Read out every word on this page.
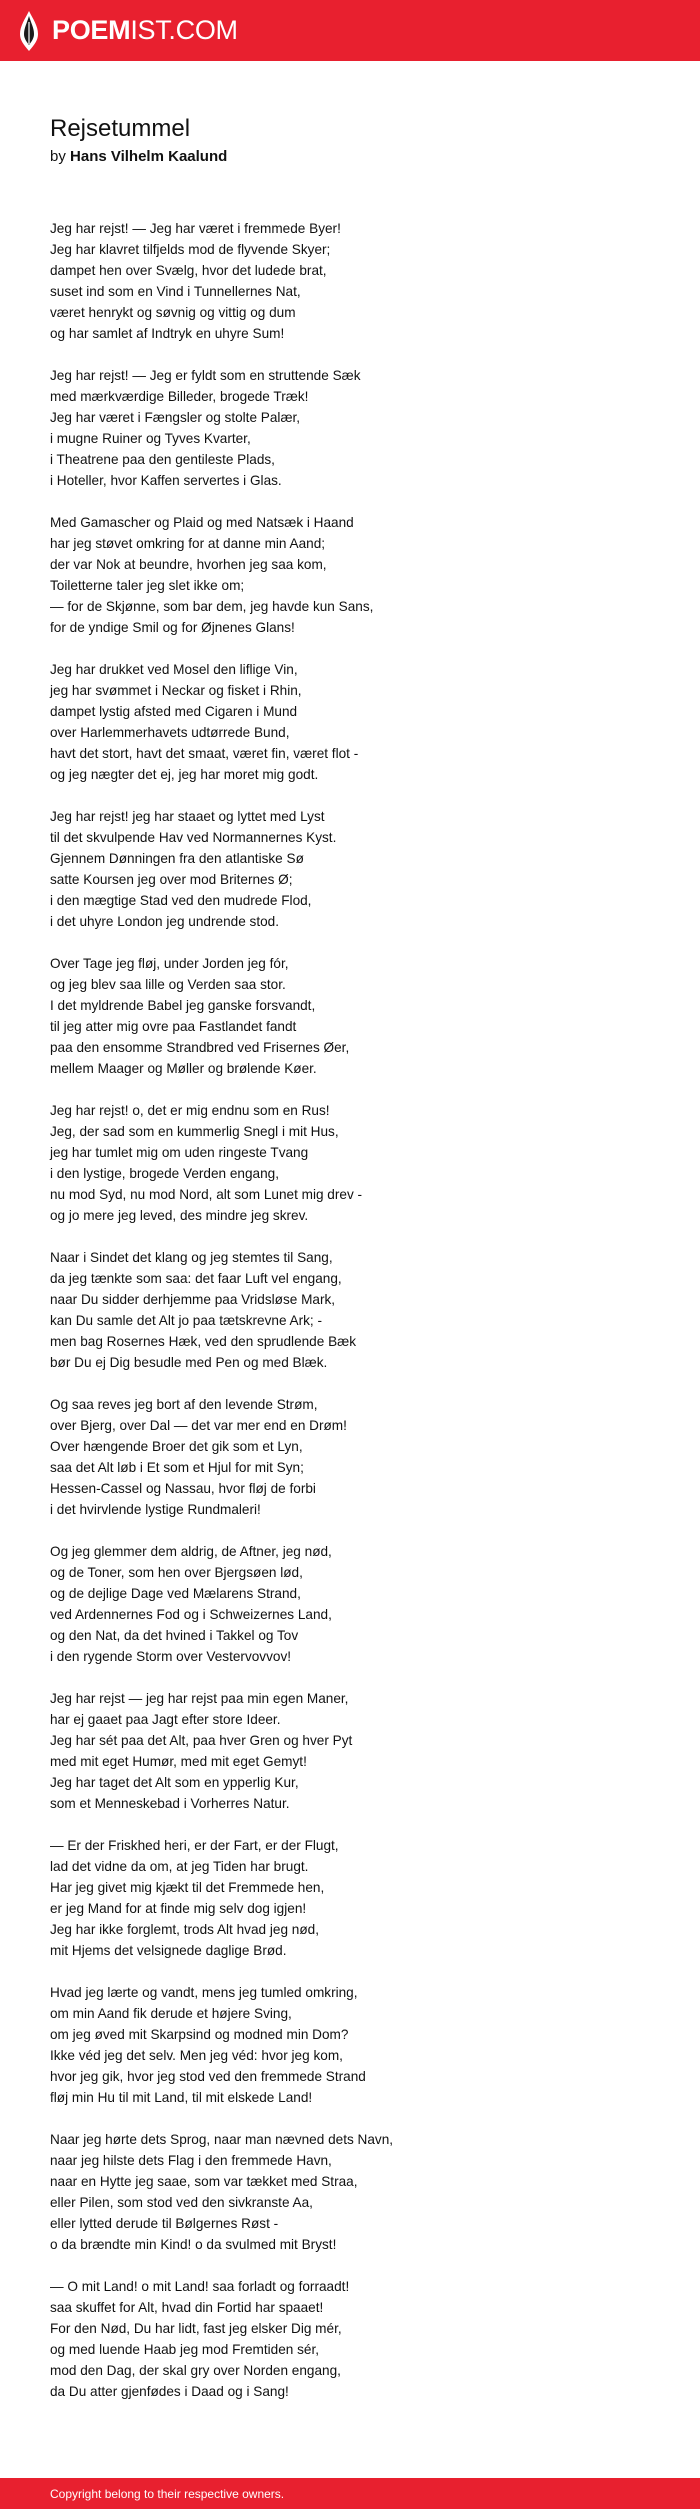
POEMIST.COM
Rejsetummel
by Hans Vilhelm Kaalund
Jeg har rejst! — Jeg har været i fremmede Byer!
Jeg har klavret tilfjelds mod de flyvende Skyer;
dampet hen over Svælg, hvor det ludede brat,
suset ind som en Vind i Tunnellernes Nat,
været henrykt og søvnig og vittig og dum
og har samlet af Indtryk en uhyre Sum!
Jeg har rejst! — Jeg er fyldt som en struttende Sæk
med mærkværdige Billeder, brogede Træk!
Jeg har været i Fængsler og stolte Palær,
i mugne Ruiner og Tyves Kvarter,
i Theatrene paa den gentileste Plads,
i Hoteller, hvor Kaffen servertes i Glas.
Med Gamascher og Plaid og med Natsæk i Haand
har jeg støvet omkring for at danne min Aand;
der var Nok at beundre, hvorhen jeg saa kom,
Toiletterne taler jeg slet ikke om;
— for de Skjønne, som bar dem, jeg havde kun Sans,
for de yndige Smil og for Øjnenes Glans!
Jeg har drukket ved Mosel den liflige Vin,
jeg har svømmet i Neckar og fisket i Rhin,
dampet lystig afsted med Cigaren i Mund
over Harlemmerhavets udtørrede Bund,
havt det stort, havt det smaat, været fin, været flot -
og jeg nægter det ej, jeg har moret mig godt.
Jeg har rejst! jeg har staaet og lyttet med Lyst
til det skvulpende Hav ved Normannernes Kyst.
Gjennem Dønningen fra den atlantiske Sø
satte Koursen jeg over mod Briternes Ø;
i den mægtige Stad ved den mudrede Flod,
i det uhyre London jeg undrende stod.
Over Tage jeg fløj, under Jorden jeg fór,
og jeg blev saa lille og Verden saa stor.
I det myldrende Babel jeg ganske forsvandt,
til jeg atter mig ovre paa Fastlandet fandt
paa den ensomme Strandbred ved Frisernes Øer,
mellem Maager og Møller og brølende Køer.
Jeg har rejst! o, det er mig endnu som en Rus!
Jeg, der sad som en kummerlig Snegl i mit Hus,
jeg har tumlet mig om uden ringeste Tvang
i den lystige, brogede Verden engang,
nu mod Syd, nu mod Nord, alt som Lunet mig drev -
og jo mere jeg leved, des mindre jeg skrev.
Naar i Sindet det klang og jeg stemtes til Sang,
da jeg tænkte som saa: det faar Luft vel engang,
naar Du sidder derhjemme paa Vridsløse Mark,
kan Du samle det Alt jo paa tætskrevne Ark; -
men bag Rosernes Hæk, ved den sprudlende Bæk
bør Du ej Dig besudle med Pen og med Blæk.
Og saa reves jeg bort af den levende Strøm,
over Bjerg, over Dal — det var mer end en Drøm!
Over hængende Broer det gik som et Lyn,
saa det Alt løb i Et som et Hjul for mit Syn;
Hessen-Cassel og Nassau, hvor fløj de forbi
i det hvirvlende lystige Rundmaleri!
Og jeg glemmer dem aldrig, de Aftner, jeg nød,
og de Toner, som hen over Bjergsøen lød,
og de dejlige Dage ved Mælarens Strand,
ved Ardennernes Fod og i Schweizernes Land,
og den Nat, da det hvined i Takkel og Tov
i den rygende Storm over Vestervovvov!
Jeg har rejst — jeg har rejst paa min egen Maner,
har ej gaaet paa Jagt efter store Ideer.
Jeg har sét paa det Alt, paa hver Gren og hver Pyt
med mit eget Humør, med mit eget Gemyt!
Jeg har taget det Alt som en ypperlig Kur,
som et Menneskebad i Vorherres Natur.
— Er der Friskhed heri, er der Fart, er der Flugt,
lad det vidne da om, at jeg Tiden har brugt.
Har jeg givet mig kjækt til det Fremmede hen,
er jeg Mand for at finde mig selv dog igjen!
Jeg har ikke forglemt, trods Alt hvad jeg nød,
mit Hjems det velsignede daglige Brød.
Hvad jeg lærte og vandt, mens jeg tumled omkring,
om min Aand fik derude et højere Sving,
om jeg øved mit Skarpsind og modned min Dom?
Ikke véd jeg det selv. Men jeg véd: hvor jeg kom,
hvor jeg gik, hvor jeg stod ved den fremmede Strand
fløj min Hu til mit Land, til mit elskede Land!
Naar jeg hørte dets Sprog, naar man nævned dets Navn,
naar jeg hilste dets Flag i den fremmede Havn,
naar en Hytte jeg saae, som var tækket med Straa,
eller Pilen, som stod ved den sivkranste Aa,
eller lytted derude til Bølgernes Røst -
o da brændte min Kind! o da svulmed mit Bryst!
— O mit Land! o mit Land! saa forladt og forraadt!
saa skuffet for Alt, hvad din Fortid har spaaet!
For den Nød, Du har lidt, fast jeg elsker Dig mér,
og med luende Haab jeg mod Fremtiden sér,
mod den Dag, der skal gry over Norden engang,
da Du atter gjenfødes i Daad og i Sang!
Copyright belong to their respective owners.
